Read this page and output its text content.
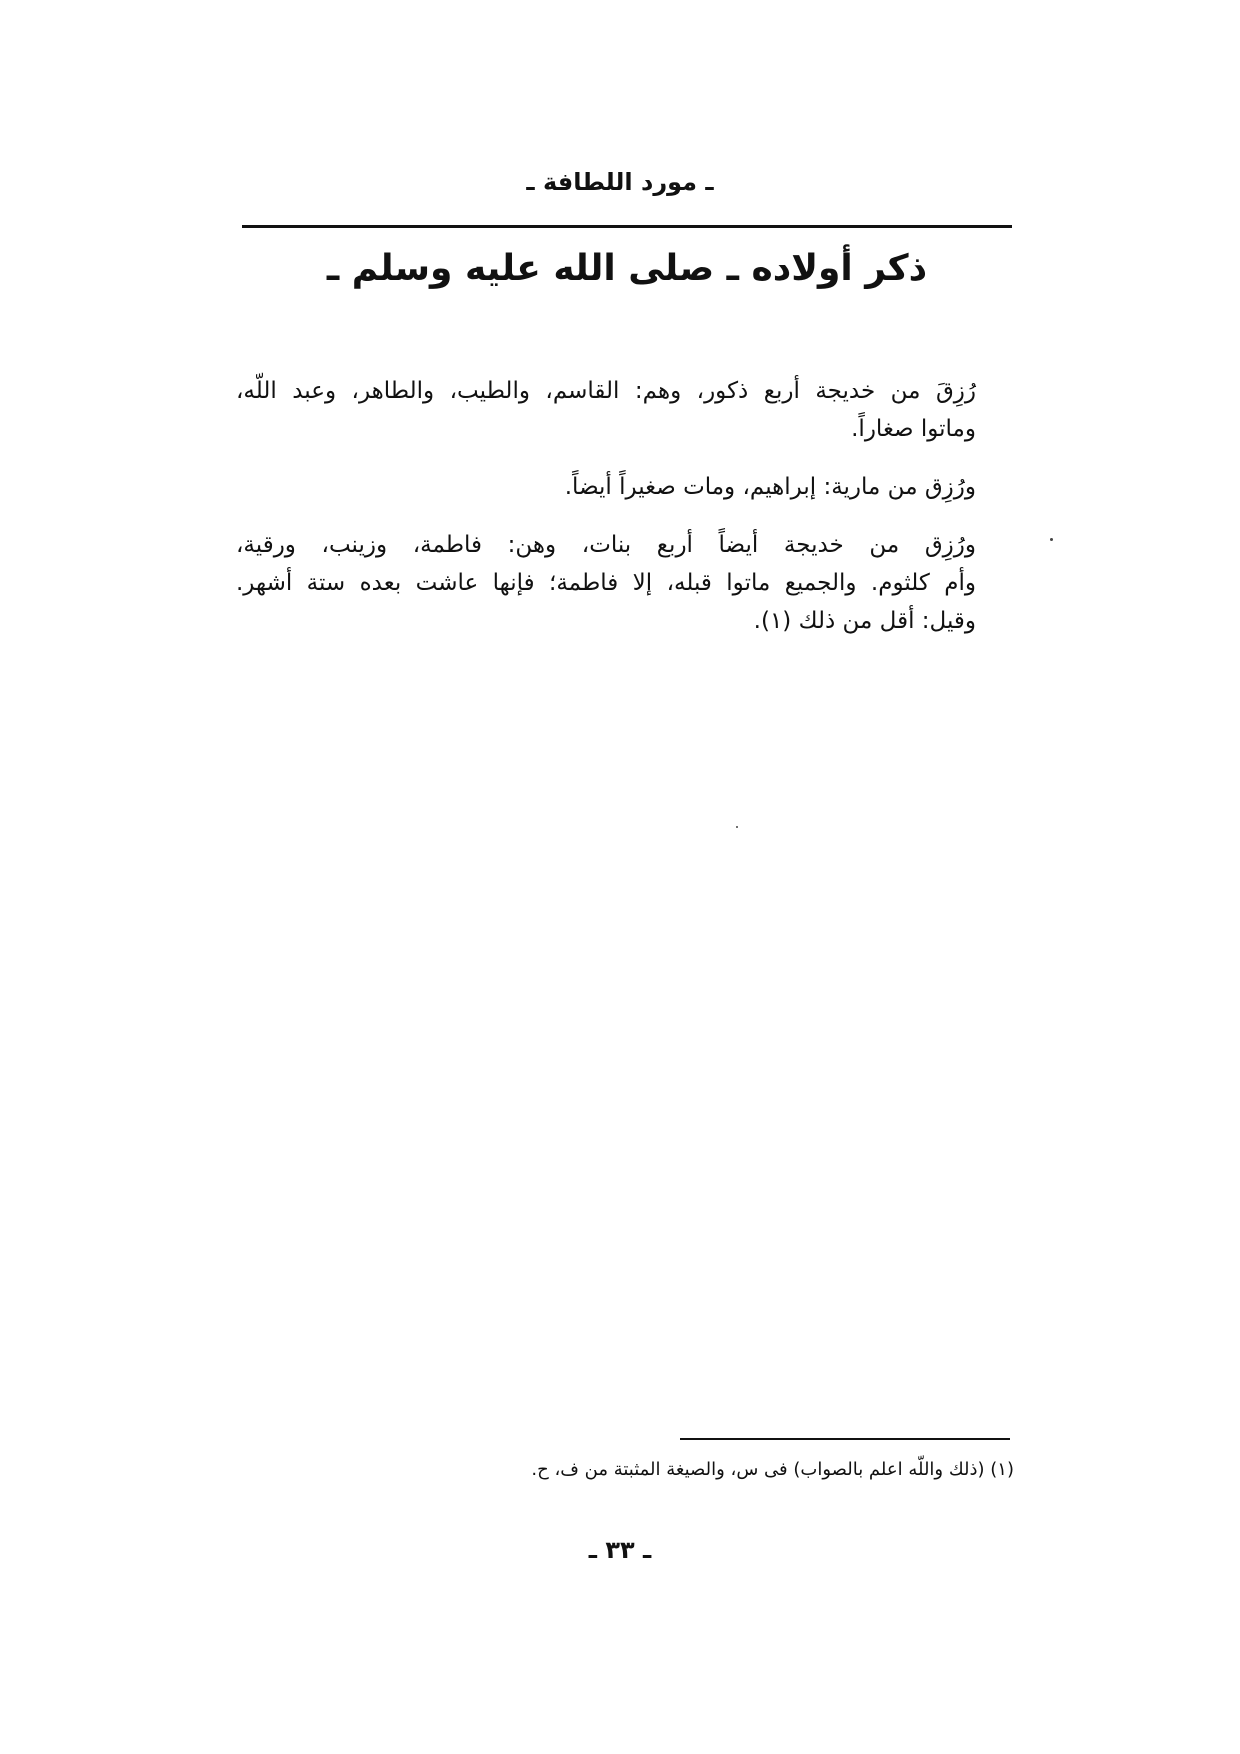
ـ مورد اللطافة ـ
ذكر أولاده ـ صلى الله عليه وسلم ـ

رُزِقَ من خديجة أربع ذكور، وهم: القاسم، والطيب، والطاهر، وعبد اللّه،
وماتوا صغاراً.

ورُزِق من مارية: إبراهيم، ومات صغيراً أيضاً.

ورُزِق من خديجة أيضاً أربع بنات، وهن: فاطمة، وزينب، ورقية،
وأم كلثوم. والجميع ماتوا قبله، إلا فاطمة؛ فإنها عاشت بعده ستة أشهر.
وقيل: أقل من ذلك (١).

(١) (ذلك واللّه اعلم بالصواب) فى س، والصيغة المثبتة من ف، ح.
ـ ٣٣ ـ
